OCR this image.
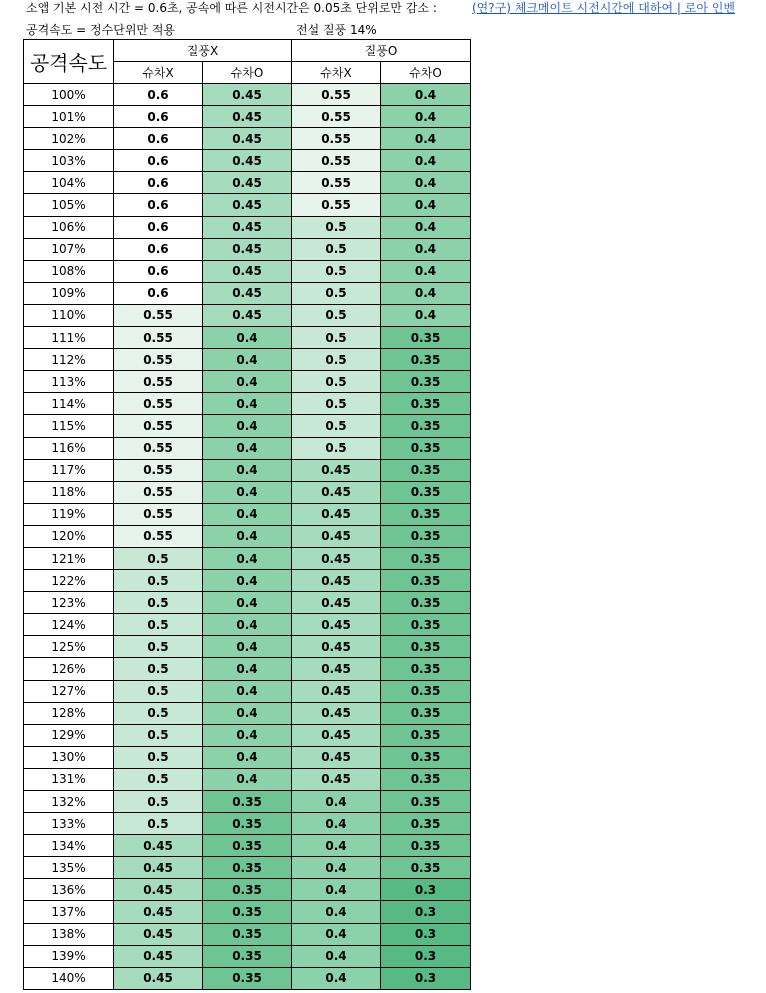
소앱 기본 시전 시간 = 0.6초, 공속에 따른 시전시간은 0.05초 단위로만 감소 :	(연?구) 체크메이트 시전시간에 대하여 | 로아 인벤
공격속도 = 정수단위만 적용	전설 질풍 14%
공격속도	질풍X		질풍O	
	슈차X	슈차O	슈차X	슈차O
100%	0.6	0.45	0.55	0.4
101%	0.6	0.45	0.55	0.4
102%	0.6	0.45	0.55	0.4
103%	0.6	0.45	0.55	0.4
104%	0.6	0.45	0.55	0.4
105%	0.6	0.45	0.55	0.4
106%	0.6	0.45	0.5	0.4
107%	0.6	0.45	0.5	0.4
108%	0.6	0.45	0.5	0.4
109%	0.6	0.45	0.5	0.4
110%	0.55	0.45	0.5	0.4
111%	0.55	0.4	0.5	0.35
112%	0.55	0.4	0.5	0.35
113%	0.55	0.4	0.5	0.35
114%	0.55	0.4	0.5	0.35
115%	0.55	0.4	0.5	0.35
116%	0.55	0.4	0.5	0.35
117%	0.55	0.4	0.45	0.35
118%	0.55	0.4	0.45	0.35
119%	0.55	0.4	0.45	0.35
120%	0.55	0.4	0.45	0.35
121%	0.5	0.4	0.45	0.35
122%	0.5	0.4	0.45	0.35
123%	0.5	0.4	0.45	0.35
124%	0.5	0.4	0.45	0.35
125%	0.5	0.4	0.45	0.35
126%	0.5	0.4	0.45	0.35
127%	0.5	0.4	0.45	0.35
128%	0.5	0.4	0.45	0.35
129%	0.5	0.4	0.45	0.35
130%	0.5	0.4	0.45	0.35
131%	0.5	0.4	0.45	0.35
132%	0.5	0.35	0.4	0.35
133%	0.5	0.35	0.4	0.35
134%	0.45	0.35	0.4	0.35
135%	0.45	0.35	0.4	0.35
136%	0.45	0.35	0.4	0.3
137%	0.45	0.35	0.4	0.3
138%	0.45	0.35	0.4	0.3
139%	0.45	0.35	0.4	0.3
140%	0.45	0.35	0.4	0.3
